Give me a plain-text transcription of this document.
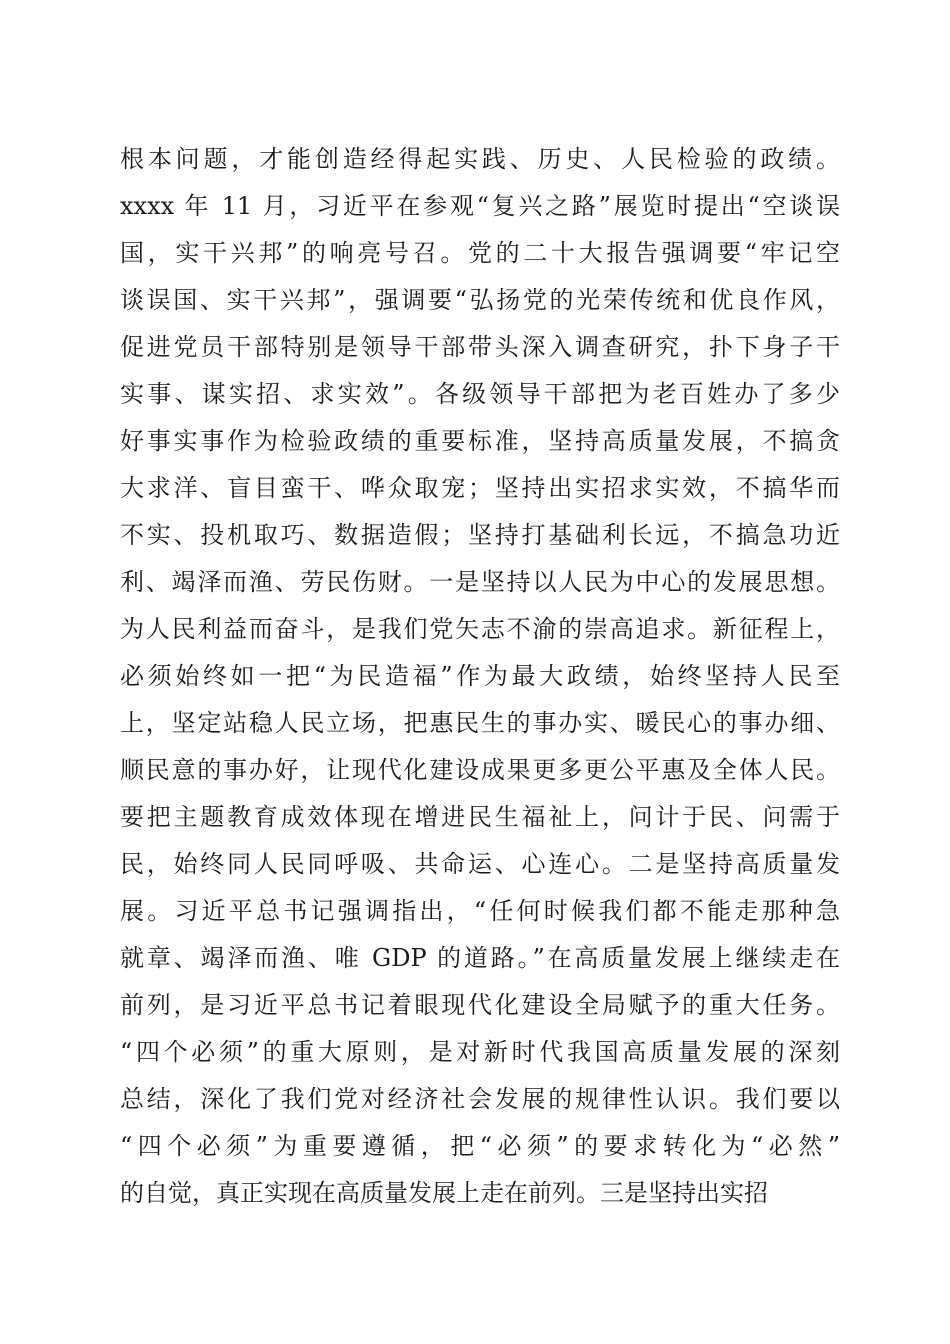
根本问题，才能创造经得起实践、历史、人民检验的政绩。
xxxx 年 11 月，习近平在参观“复兴之路”展览时提出“空谈误
国，实干兴邦”的响亮号召。党的二十大报告强调要“牢记空
谈误国、实干兴邦”，强调要“弘扬党的光荣传统和优良作风，
促进党员干部特别是领导干部带头深入调查研究，扑下身子干
实事、谋实招、求实效”。各级领导干部把为老百姓办了多少
好事实事作为检验政绩的重要标准，坚持高质量发展，不搞贪
大求洋、盲目蛮干、哗众取宠；坚持出实招求实效，不搞华而
不实、投机取巧、数据造假；坚持打基础利长远，不搞急功近
利、竭泽而渔、劳民伤财。一是坚持以人民为中心的发展思想。
为人民利益而奋斗，是我们党矢志不渝的崇高追求。新征程上，
必须始终如一把“为民造福”作为最大政绩，始终坚持人民至
上，坚定站稳人民立场，把惠民生的事办实、暖民心的事办细、
顺民意的事办好，让现代化建设成果更多更公平惠及全体人民。
要把主题教育成效体现在增进民生福祉上，问计于民、问需于
民，始终同人民同呼吸、共命运、心连心。二是坚持高质量发
展。习近平总书记强调指出，“任何时候我们都不能走那种急
就章、竭泽而渔、唯 GDP 的道路。”在高质量发展上继续走在
前列，是习近平总书记着眼现代化建设全局赋予的重大任务。
“四个必须”的重大原则，是对新时代我国高质量发展的深刻
总结，深化了我们党对经济社会发展的规律性认识。我们要以
“四个必须”为重要遵循，把“必须”的要求转化为“必然”
的自觉，真正实现在高质量发展上走在前列。三是坚持出实招
